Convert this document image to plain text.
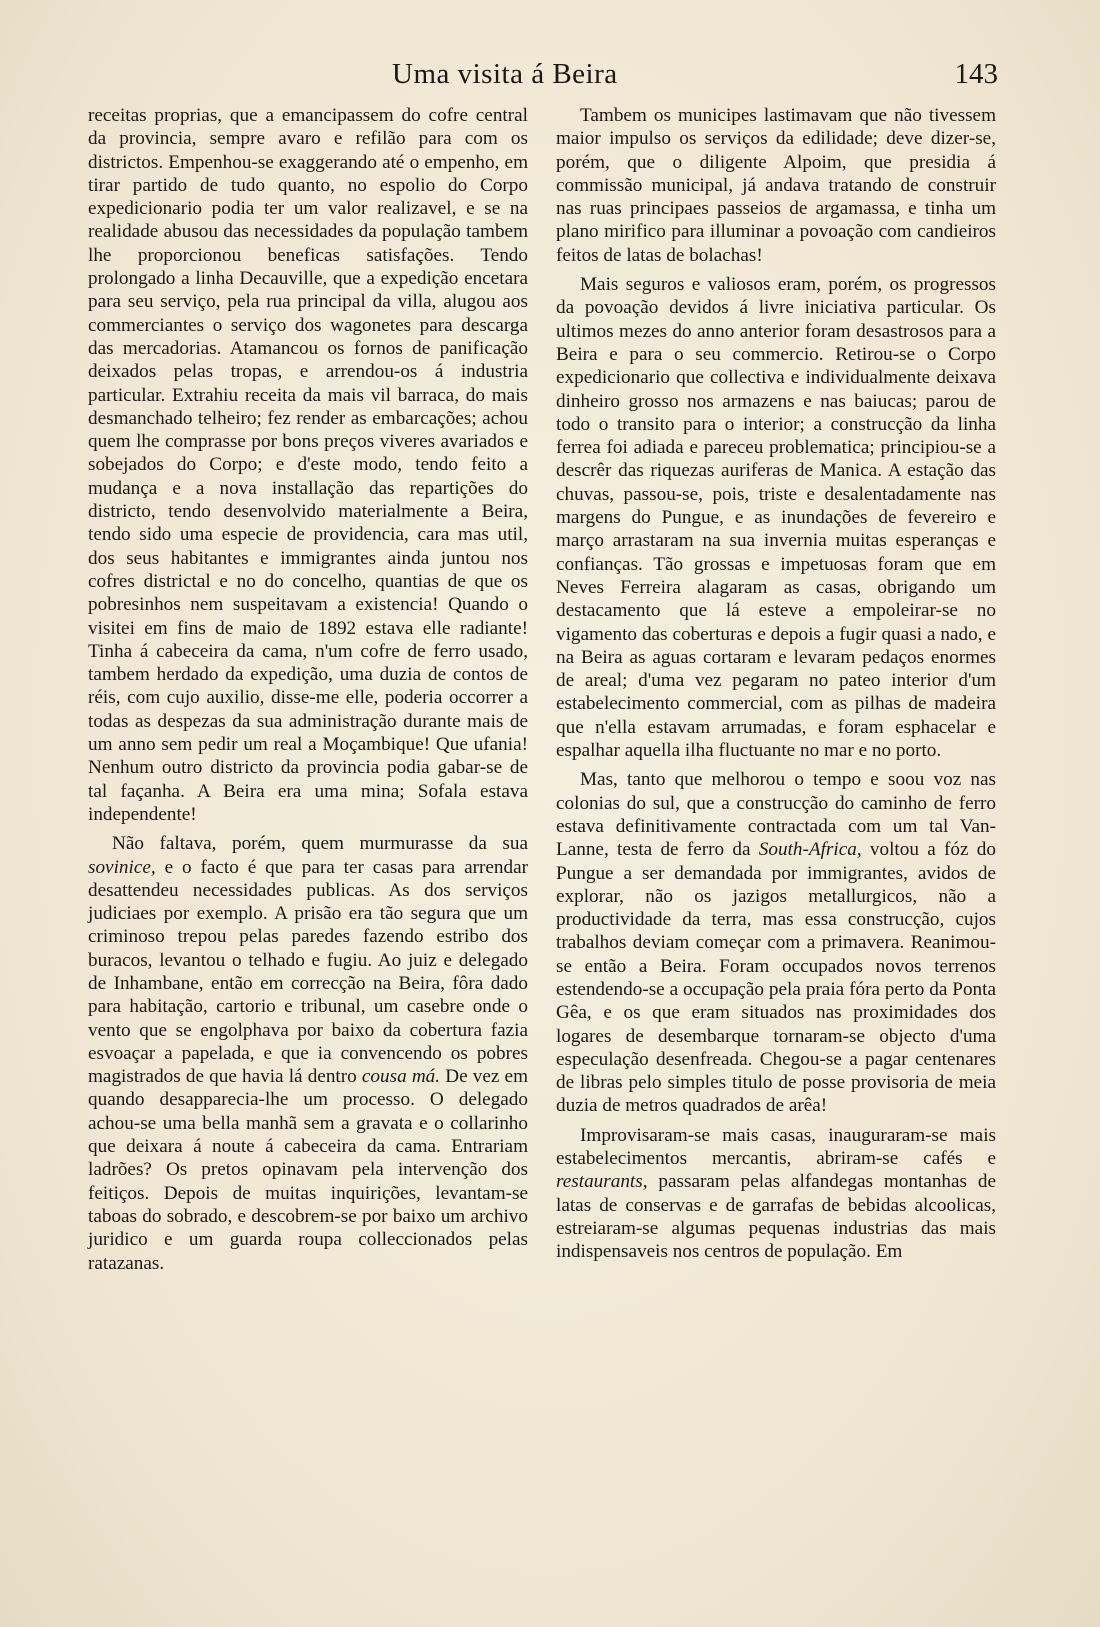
Uma visita á Beira	143

receitas proprias, que a emancipassem do cofre central da provincia, sempre avaro e refilão para com os districtos. Empenhou-se exaggerando até o empenho, em tirar partido de tudo quanto, no espolio do Corpo expedicionario podia ter um valor realizavel, e se na realidade abusou das necessidades da população tambem lhe proporcionou beneficas satisfações. Tendo prolongado a linha Decauville, que a expedição encetara para seu serviço, pela rua principal da villa, alugou aos commerciantes o serviço dos wagonetes para descarga das mercadorias. Atamancou os fornos de panificação deixados pelas tropas, e arrendou-os á industria particular. Extrahiu receita da mais vil barraca, do mais desmanchado telheiro; fez render as embarcações; achou quem lhe comprasse por bons preços viveres avariados e sobejados do Corpo; e d'este modo, tendo feito a mudança e a nova installação das repartições do districto, tendo desenvolvido materialmente a Beira, tendo sido uma especie de providencia, cara mas util, dos seus habitantes e immigrantes ainda juntou nos cofres districtal e no do concelho, quantias de que os pobresinhos nem suspeitavam a existencia! Quando o visitei em fins de maio de 1892 estava elle radiante! Tinha á cabeceira da cama, n'um cofre de ferro usado, tambem herdado da expedição, uma duzia de contos de réis, com cujo auxilio, disse-me elle, poderia occorrer a todas as despezas da sua administração durante mais de um anno sem pedir um real a Moçambique! Que ufania! Nenhum outro districto da provincia podia gabar-se de tal façanha. A Beira era uma mina; Sofala estava independente!

Não faltava, porém, quem murmurasse da sua sovinice, e o facto é que para ter casas para arrendar desattendeu necessidades publicas. As dos serviços judiciaes por exemplo. A prisão era tão segura que um criminoso trepou pelas paredes fazendo estribo dos buracos, levantou o telhado e fugiu. Ao juiz e delegado de Inhambane, então em correcção na Beira, fôra dado para habitação, cartorio e tribunal, um casebre onde o vento que se engolphava por baixo da cobertura fazia esvoaçar a papelada, e que ia convencendo os pobres magistrados de que havia lá dentro cousa má. De vez em quando desapparecia-lhe um processo. O delegado achou-se uma bella manhã sem a gravata e o collarinho que deixara á noute á cabeceira da cama. Entrariam ladrões? Os pretos opinavam pela intervenção dos feitiços. Depois de muitas inquirições, levantam-se taboas do sobrado, e descobrem-se por baixo um archivo juridico e um guarda roupa colleccionados pelas ratazanas.

Tambem os municipes lastimavam que não tivessem maior impulso os serviços da edilidade; deve dizer-se, porém, que o diligente Alpoim, que presidia á commissão municipal, já andava tratando de construir nas ruas principaes passeios de argamassa, e tinha um plano mirifico para illuminar a povoação com candieiros feitos de latas de bolachas!

Mais seguros e valiosos eram, porém, os progressos da povoação devidos á livre iniciativa particular. Os ultimos mezes do anno anterior foram desastrosos para a Beira e para o seu commercio. Retirou-se o Corpo expedicionario que collectiva e individualmente deixava dinheiro grosso nos armazens e nas baiucas; parou de todo o transito para o interior; a construcção da linha ferrea foi adiada e pareceu problematica; principiou-se a descrêr das riquezas auriferas de Manica. A estação das chuvas, passou-se, pois, triste e desalentadamente nas margens do Pungue, e as inundações de fevereiro e março arrastaram na sua invernia muitas esperanças e confianças. Tão grossas e impetuosas foram que em Neves Ferreira alagaram as casas, obrigando um destacamento que lá esteve a empoleirar-se no vigamento das coberturas e depois a fugir quasi a nado, e na Beira as aguas cortaram e levaram pedaços enormes de areal; d'uma vez pegaram no pateo interior d'um estabelecimento commercial, com as pilhas de madeira que n'ella estavam arrumadas, e foram esphacelar e espalhar aquella ilha fluctuante no mar e no porto.

Mas, tanto que melhorou o tempo e soou voz nas colonias do sul, que a construcção do caminho de ferro estava definitivamente contractada com um tal Van-Lanne, testa de ferro da South-Africa, voltou a fóz do Pungue a ser demandada por immigrantes, avidos de explorar, não os jazigos metallurgicos, não a productividade da terra, mas essa construcção, cujos trabalhos deviam começar com a primavera. Reanimou-se então a Beira. Foram occupados novos terrenos estendendo-se a occupação pela praia fóra perto da Ponta Gêa, e os que eram situados nas proximidades dos logares de desembarque tornaram-se objecto d'uma especulação desenfreada. Chegou-se a pagar centenares de libras pelo simples titulo de posse provisoria de meia duzia de metros quadrados de arêa!

Improvisaram-se mais casas, inauguraram-se mais estabelecimentos mercantis, abriram-se cafés e restaurants, passaram pelas alfandegas montanhas de latas de conservas e de garrafas de bebidas alcoolicas, estreiaram-se algumas pequenas industrias das mais indispensaveis nos centros de população. Em
